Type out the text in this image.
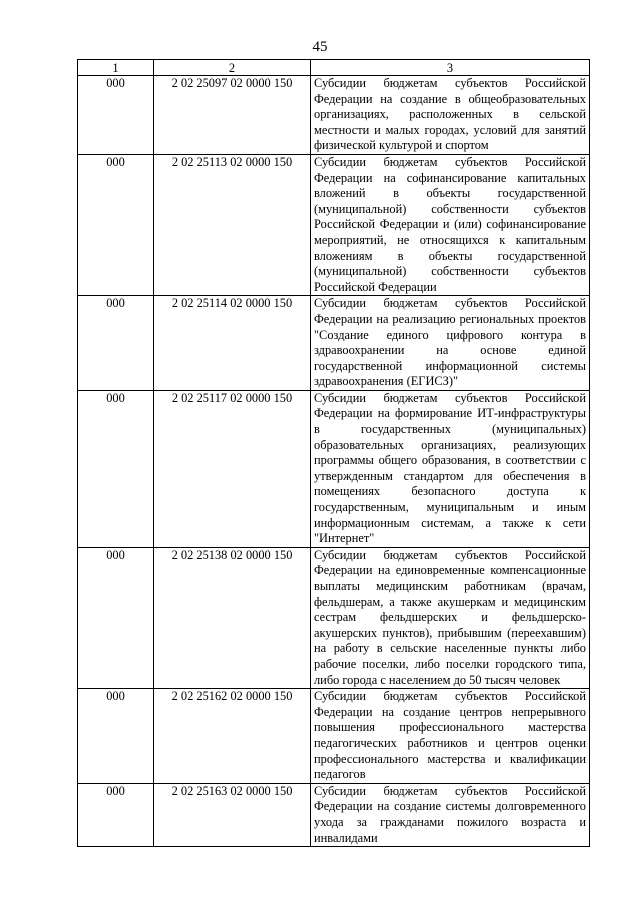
45
1	2	3
000	2 02 25097 02 0000 150	Субсидии бюджетам субъектов Российской Федерации на создание в общеобразовательных организациях, расположенных в сельской местности и малых городах, условий для занятий физической культурой и спортом
000	2 02 25113 02 0000 150	Субсидии бюджетам субъектов Российской Федерации на софинансирование капитальных вложений в объекты государственной (муниципальной) собственности субъектов Российской Федерации и (или) софинансирование мероприятий, не относящихся к капитальным вложениям в объекты государственной (муниципальной) собственности субъектов Российской Федерации
000	2 02 25114 02 0000 150	Субсидии бюджетам субъектов Российской Федерации на реализацию региональных проектов "Создание единого цифрового контура в здравоохранении на основе единой государственной информационной системы здравоохранения (ЕГИСЗ)"
000	2 02 25117 02 0000 150	Субсидии бюджетам субъектов Российской Федерации на формирование ИТ-инфраструктуры в государственных (муниципальных) образовательных организациях, реализующих программы общего образования, в соответствии с утвержденным стандартом для обеспечения в помещениях безопасного доступа к государственным, муниципальным и иным информационным системам, а также к сети "Интернет"
000	2 02 25138 02 0000 150	Субсидии бюджетам субъектов Российской Федерации на единовременные компенсационные выплаты медицинским работникам (врачам, фельдшерам, а также акушеркам и медицинским сестрам фельдшерских и фельдшерско-акушерских пунктов), прибывшим (переехавшим) на работу в сельские населенные пункты либо рабочие поселки, либо поселки городского типа, либо города с населением до 50 тысяч человек
000	2 02 25162 02 0000 150	Субсидии бюджетам субъектов Российской Федерации на создание центров непрерывного повышения профессионального мастерства педагогических работников и центров оценки профессионального мастерства и квалификации педагогов
000	2 02 25163 02 0000 150	Субсидии бюджетам субъектов Российской Федерации на создание системы долговременного ухода за гражданами пожилого возраста и инвалидами
